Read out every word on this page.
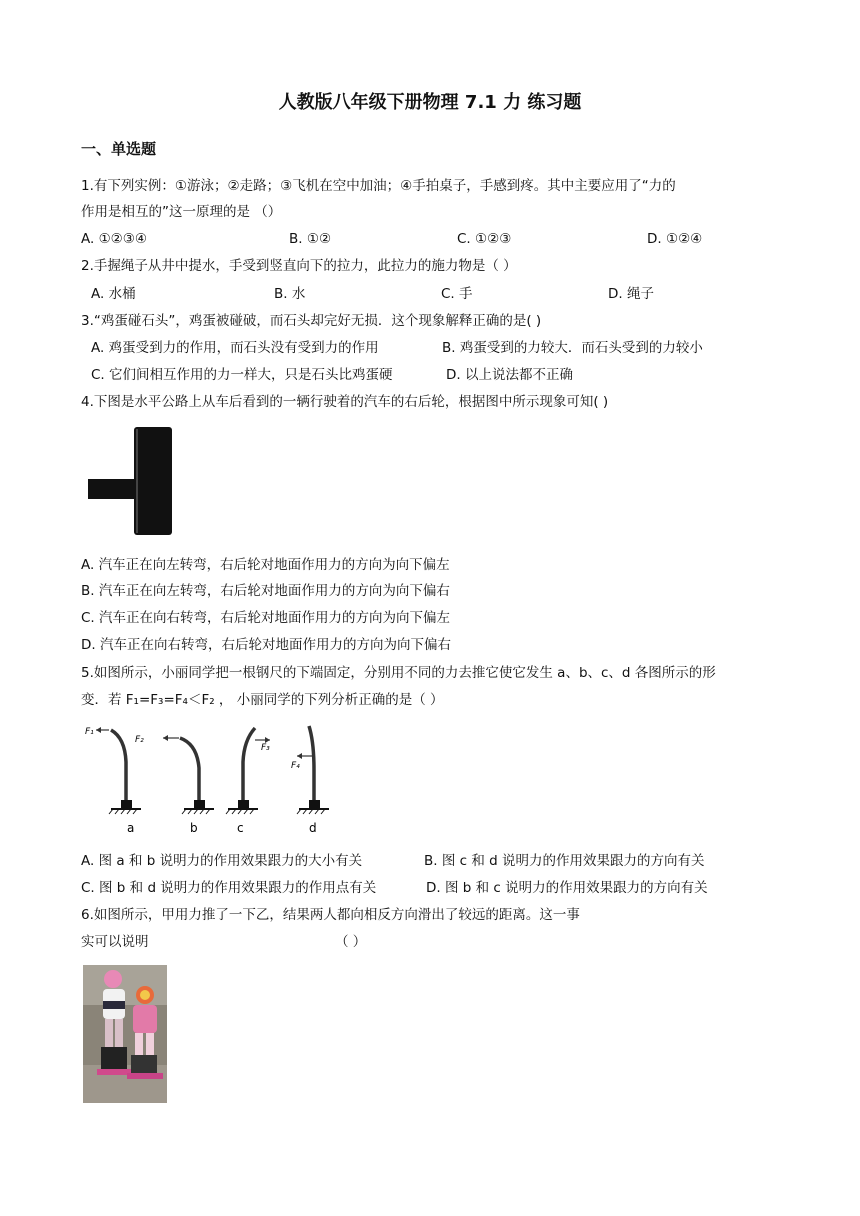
人教版八年级下册物理 7.1 力 练习题
一、单选题
1.有下列实例：①游泳；②走路；③飞机在空中加油；④手拍桌子，手感到疼。其中主要应用了“力的
作用是相互的”这一原理的是 （）
A. ①②③④	B. ①②	C. ①②③	D. ①②④
2.手握绳子从井中提水，手受到竖直向下的拉力，此拉力的施力物是（ ）
A. 水桶	B. 水	C. 手	D. 绳子
3.“鸡蛋碰石头”，鸡蛋被碰破，而石头却完好无损．这个现象解释正确的是( )
A. 鸡蛋受到力的作用，而石头没有受到力的作用	B. 鸡蛋受到的力较大．而石头受到的力较小
C. 它们间相互作用的力一样大，只是石头比鸡蛋硬	D. 以上说法都不正确
4.下图是水平公路上从车后看到的一辆行驶着的汽车的右后轮，根据图中所示现象可知( )
A. 汽车正在向左转弯，右后轮对地面作用力的方向为向下偏左
B. 汽车正在向左转弯，右后轮对地面作用力的方向为向下偏右
C. 汽车正在向右转弯，右后轮对地面作用力的方向为向下偏左
D. 汽车正在向右转弯，右后轮对地面作用力的方向为向下偏右
5.如图所示，小丽同学把一根钢尺的下端固定，分别用不同的力去推它使它发生 a、b、c、d 各图所示的形
变．若 F₁=F₃=F₄＜F₂ ， 小丽同学的下列分析正确的是（ ）
F₁
a
F₂
b
F₃
c
F₄
d
A. 图 a 和 b 说明力的作用效果跟力的大小有关	B. 图 c 和 d 说明力的作用效果跟力的方向有关
C. 图 b 和 d 说明力的作用效果跟力的作用点有关	D. 图 b 和 c 说明力的作用效果跟力的方向有关
6.如图所示，甲用力推了一下乙，结果两人都向相反方向滑出了较远的距离。这一事
实可以说明	（ ）
